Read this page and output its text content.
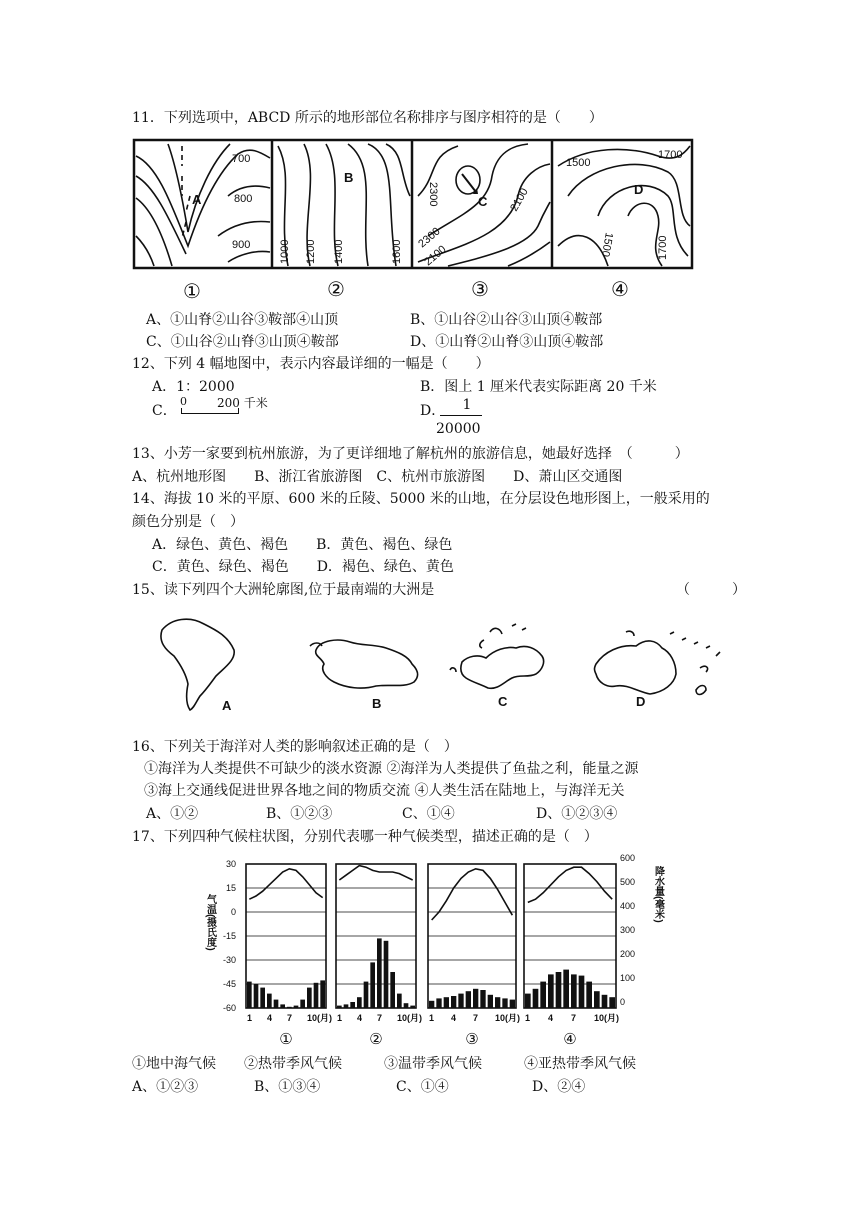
11．下列选项中，ABCD 所示的地形部位名称排序与图序相符的是（　　）
700
800
900	1000 1200 1400	1600
2300	2100
2300
2100
1500
1700
1500	1700
A
B
C
D
①	②	③	④
A、①山脊②山谷③鞍部④山顶	B、①山谷②山谷③山顶④鞍部
C、①山谷②山脊③山顶④鞍部	D、①山脊②山脊③山顶④鞍部
12、下列 4 幅地图中，表示内容最详细的一幅是（　　）
A．1：2000	B．图上 1 厘米代表实际距离 20 千米
C．
0	200 千米	D．	1
20000
13、小芳一家要到杭州旅游，为了更详细地了解杭州的旅游信息，她最好选择　（　　　）
A、杭州地形图　　B、浙江省旅游图　C、杭州市旅游图　　D、萧山区交通图
14、海拔 10 米的平原、600 米的丘陵、5000 米的山地，在分层设色地形图上，一般采用的
颜色分别是（　）
A．绿色、黄色、褐色　　B．黄色、褐色、绿色
C．黄色、绿色、褐色　　D．褐色、绿色、黄色
15、读下列四个大洲轮廓图,位于最南端的大洲是	（　　　）
A	B	C	D
16、下列关于海洋对人类的影响叙述正确的是（　）
①海洋为人类提供不可缺少的淡水资源 ②海洋为人类提供了鱼盐之利，能量之源
③海上交通线促进世界各地之间的物质交流 ④人类生活在陆地上，与海洋无关
A、①②	B、①②③	C、①④	D、①②③④
17、下列四种气候柱状图，分别代表哪一种气候类型，描述正确的是（　）
30
15
0
-15
-30
-45
-60
600
500
400
300
200
100
0
1 4 7 10(月) 1 4 7 10(月) 1 4 7 10(月) 1 4 7 10(月)
气温(摄氏度)	降水量(毫米)
①	②	③	④
①地中海气候　　②热带季风气候　　　③温带季风气候　　　④亚热带季风气候
A、①②③	B、①③④	C、①④	D、②④
